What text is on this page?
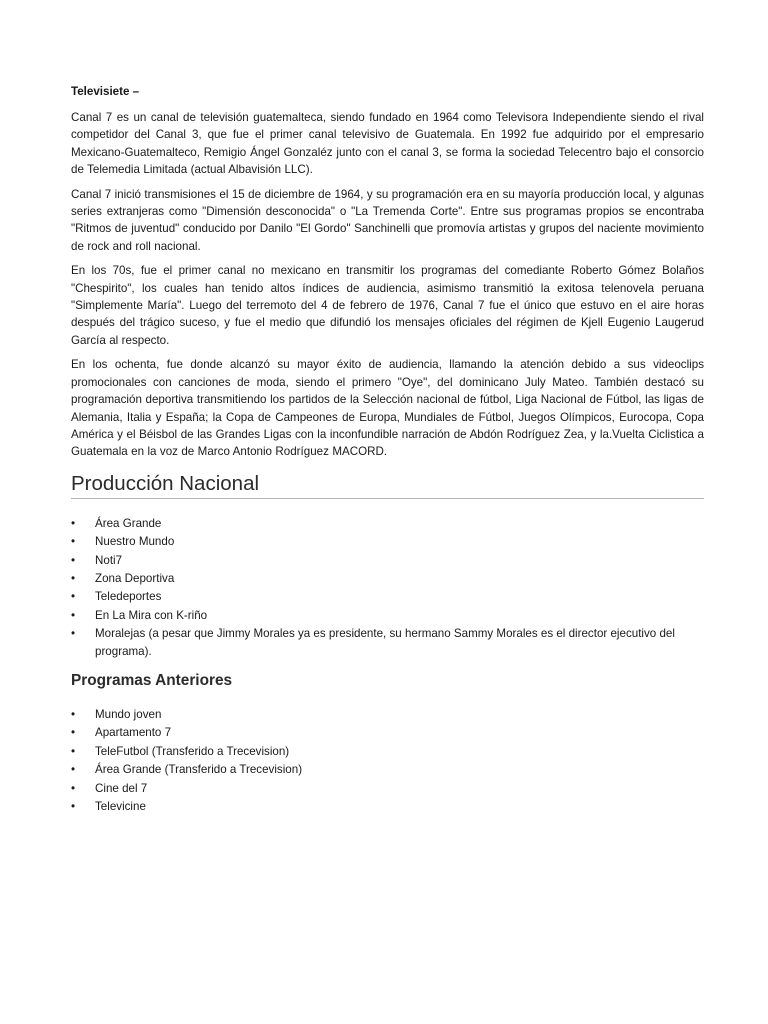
Televisiete –

Canal 7 es un canal de televisión guatemalteca, siendo fundado en 1964 como Televisora Independiente siendo el rival competidor del Canal 3, que fue el primer canal televisivo de Guatemala. En 1992 fue adquirido por el empresario Mexicano-Guatemalteco, Remigio Ángel Gonzaléz junto con el canal 3, se forma la sociedad Telecentro bajo el consorcio de Telemedia Limitada (actual Albavisión LLC).

Canal 7 inició transmisiones el 15 de diciembre de 1964, y su programación era en su mayoría producción local, y algunas series extranjeras como "Dimensión desconocida" o "La Tremenda Corte". Entre sus programas propios se encontraba "Ritmos de juventud" conducido por Danilo "El Gordo" Sanchinelli que promovía artistas y grupos del naciente movimiento de rock and roll nacional.

En los 70s, fue el primer canal no mexicano en transmitir los programas del comediante Roberto Gómez Bolaños "Chespirito", los cuales han tenido altos índices de audiencia, asimismo transmitió la exitosa telenovela peruana "Simplemente María". Luego del terremoto del 4 de febrero de 1976, Canal 7 fue el único que estuvo en el aire horas después del trágico suceso, y fue el medio que difundió los mensajes oficiales del régimen de Kjell Eugenio Laugerud García al respecto.

En los ochenta, fue donde alcanzó su mayor éxito de audiencia, llamando la atención debido a sus videoclips promocionales con canciones de moda, siendo el primero "Oye", del dominicano July Mateo. También destacó su programación deportiva transmitiendo los partidos de la Selección nacional de fútbol, Liga Nacional de Fútbol, las ligas de Alemania, Italia y España; la Copa de Campeones de Europa, Mundiales de Fútbol, Juegos Olímpicos, Eurocopa, Copa América y el Béisbol de las Grandes Ligas con la inconfundible narración de Abdón Rodríguez Zea, y la.Vuelta Ciclistica a Guatemala en la voz de Marco Antonio Rodríguez MACORD.

Producción Nacional
•	Área Grande
•	Nuestro Mundo
•	Noti7
•	Zona Deportiva
•	Teledeportes
•	En La Mira con K-riño
•	Moralejas (a pesar que Jimmy Morales ya es presidente, su hermano Sammy Morales es el director ejecutivo del programa).
Programas Anteriores
•	Mundo joven
•	Apartamento 7
•	TeleFutbol (Transferido a Trecevision)
•	Área Grande (Transferido a Trecevision)
•	Cine del 7
•	Televicine
